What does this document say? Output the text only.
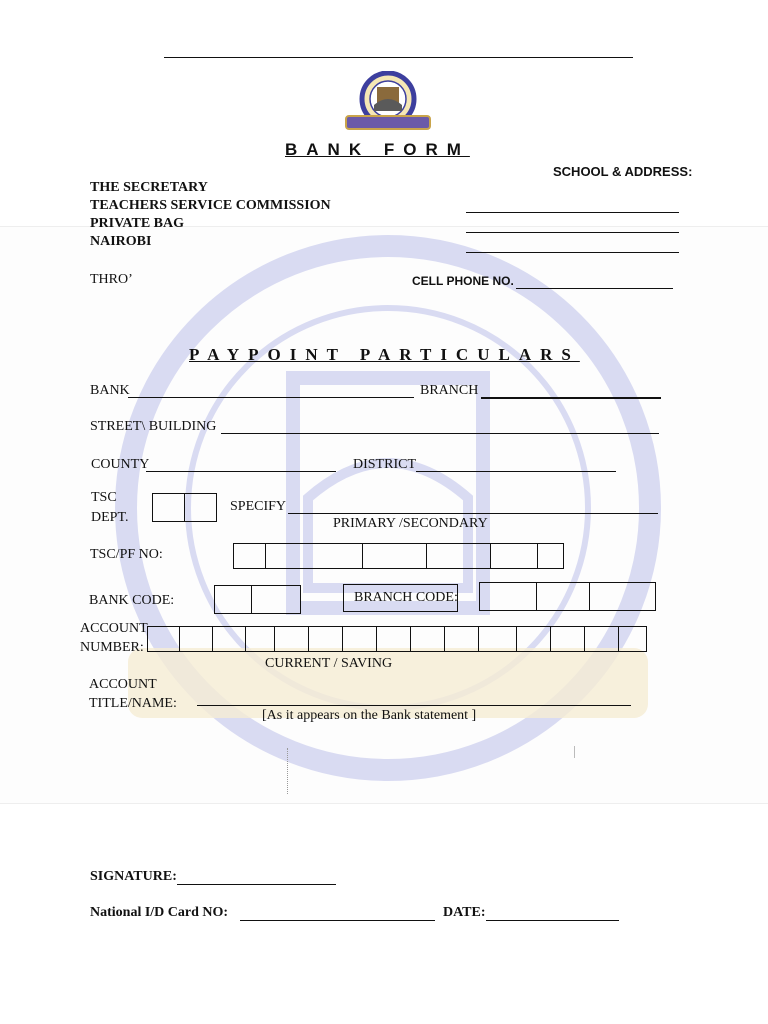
BANK FORM
SCHOOL & ADDRESS:
THE SECRETARY
TEACHERS SERVICE COMMISSION
PRIVATE BAG
NAIROBI
THRO’	CELL PHONE NO.
PAYPOINT PARTICULARS
BANK	BRANCH
STREET\ BUILDING
COUNTY	DISTRICT
TSC
DEPT.
SPECIFY
PRIMARY /SECONDARY
TSC/PF NO:
BANK CODE:	BRANCH CODE:
ACCOUNT
NUMBER:
CURRENT / SAVING
ACCOUNT
TITLE/NAME:
[As it appears on the Bank statement ]
SIGNATURE:
National I/D Card NO:	DATE:
